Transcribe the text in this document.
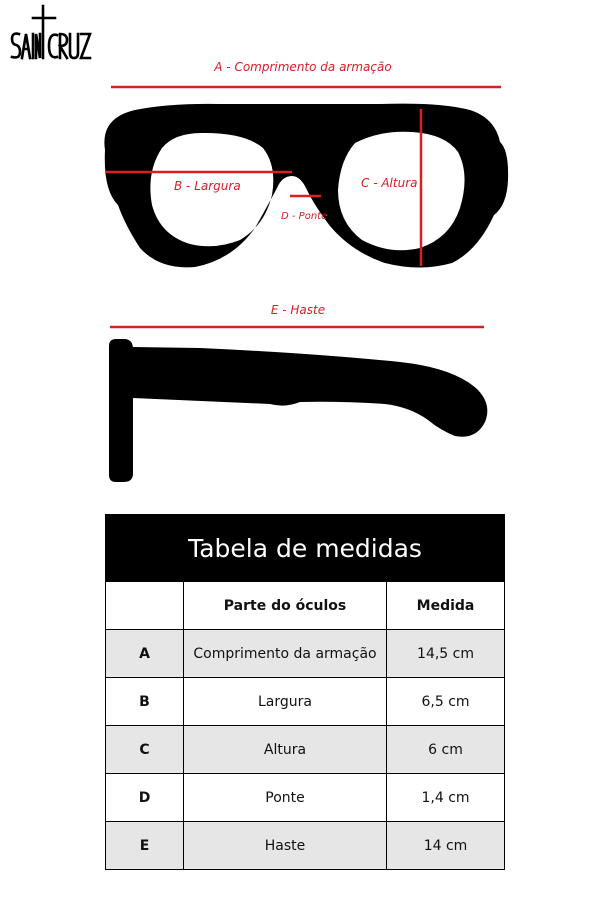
A - Comprimento da armação
B - Largura	C - Altura
D - Ponte
E - Haste
Tabela de medidas		
	Parte do óculos	Medida
A	Comprimento da armação	14,5 cm
B	Largura	6,5 cm
C	Altura	6 cm
D	Ponte	1,4 cm
E	Haste	14 cm
